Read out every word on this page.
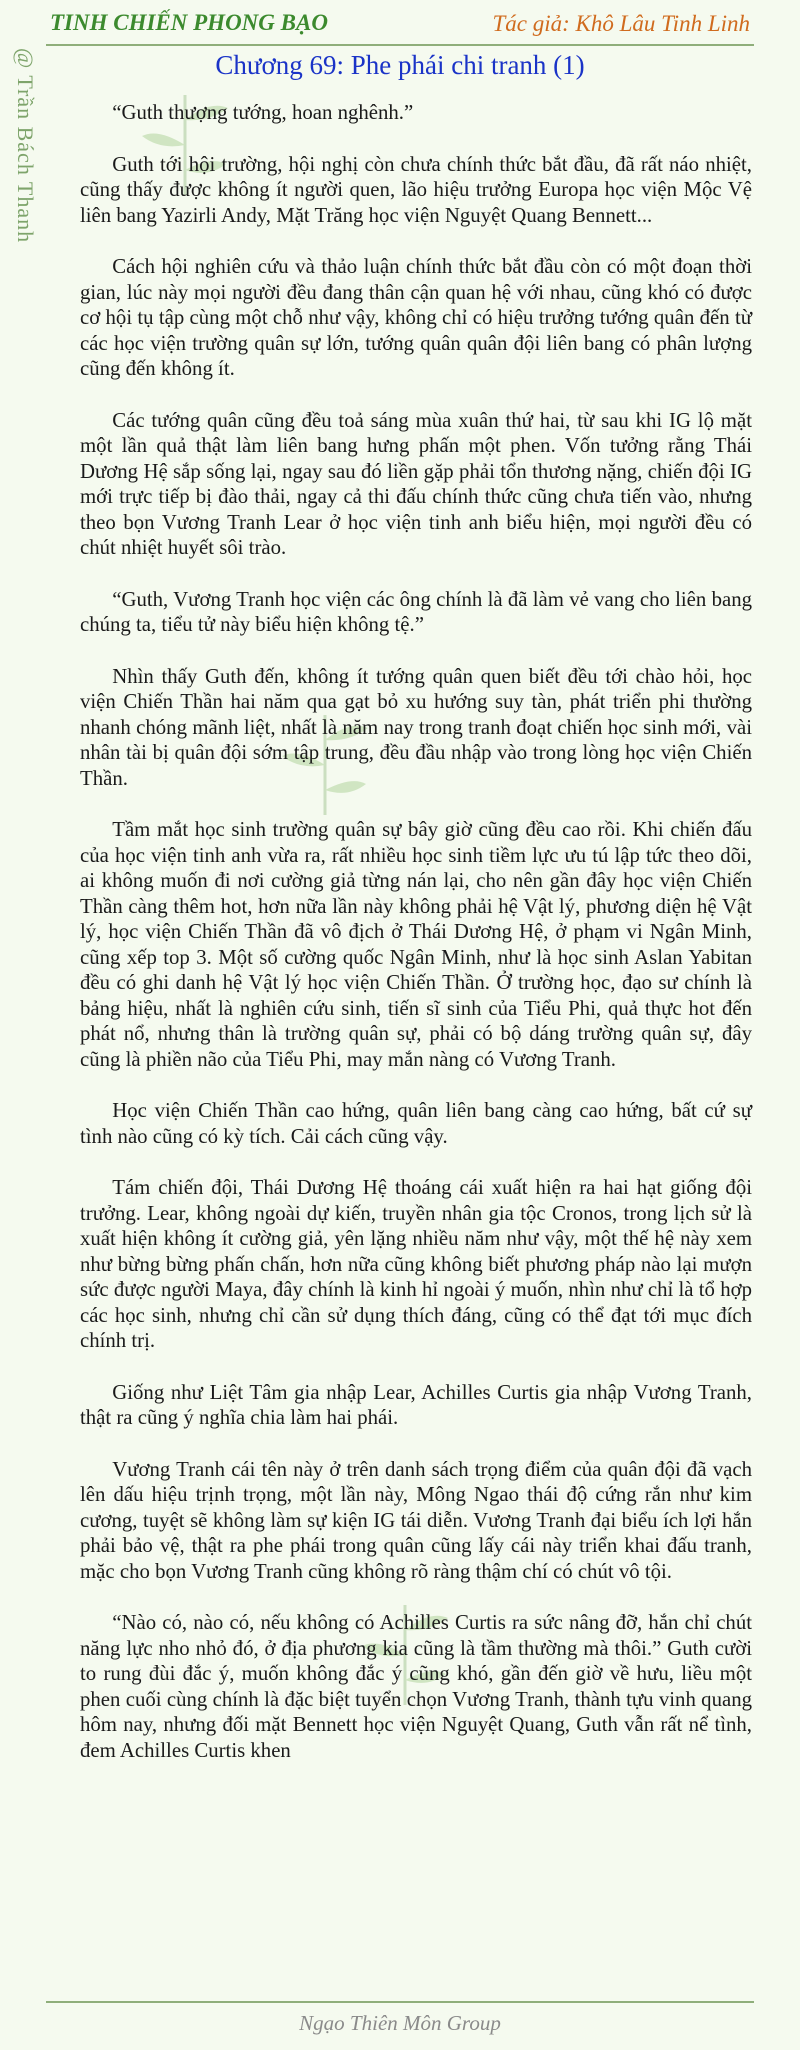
TINH CHIẾN PHONG BẠO	Tác giả: Khô Lâu Tinh Linh
@ Trần Bách Thanh	Chương 69: Phe phái chi tranh (1)

“Guth thượng tướng, hoan nghênh.”

Guth tới hội trường, hội nghị còn chưa chính thức bắt đầu, đã rất náo nhiệt, cũng thấy được không ít người quen, lão hiệu trưởng Europa học viện Mộc Vệ liên bang Yazirli Andy, Mặt Trăng học viện Nguyệt Quang Bennett...

Cách hội nghiên cứu và thảo luận chính thức bắt đầu còn có một đoạn thời gian, lúc này mọi người đều đang thân cận quan hệ với nhau, cũng khó có được cơ hội tụ tập cùng một chỗ như vậy, không chỉ có hiệu trưởng tướng quân đến từ các học viện trường quân sự lớn, tướng quân quân đội liên bang có phân lượng cũng đến không ít.

Các tướng quân cũng đều toả sáng mùa xuân thứ hai, từ sau khi IG lộ mặt một lần quả thật làm liên bang hưng phấn một phen. Vốn tưởng rằng Thái Dương Hệ sắp sống lại, ngay sau đó liền gặp phải tổn thương nặng, chiến đội IG mới trực tiếp bị đào thải, ngay cả thi đấu chính thức cũng chưa tiến vào, nhưng theo bọn Vương Tranh Lear ở học viện tinh anh biểu hiện, mọi người đều có chút nhiệt huyết sôi trào.

“Guth, Vương Tranh học viện các ông chính là đã làm vẻ vang cho liên bang chúng ta, tiểu tử này biểu hiện không tệ.”

Nhìn thấy Guth đến, không ít tướng quân quen biết đều tới chào hỏi, học viện Chiến Thần hai năm qua gạt bỏ xu hướng suy tàn, phát triển phi thường nhanh chóng mãnh liệt, nhất là năm nay trong tranh đoạt chiến học sinh mới, vài nhân tài bị quân đội sớm tập trung, đều đầu nhập vào trong lòng học viện Chiến Thần.

Tầm mắt học sinh trường quân sự bây giờ cũng đều cao rồi. Khi chiến đấu của học viện tinh anh vừa ra, rất nhiều học sinh tiềm lực ưu tú lập tức theo dõi, ai không muốn đi nơi cường giả từng nán lại, cho nên gần đây học viện Chiến Thần càng thêm hot, hơn nữa lần này không phải hệ Vật lý, phương diện hệ Vật lý, học viện Chiến Thần đã vô địch ở Thái Dương Hệ, ở phạm vi Ngân Minh, cũng xếp top 3. Một số cường quốc Ngân Minh, như là học sinh Aslan Yabitan đều có ghi danh hệ Vật lý học viện Chiến Thần. Ở trường học, đạo sư chính là bảng hiệu, nhất là nghiên cứu sinh, tiến sĩ sinh của Tiểu Phi, quả thực hot đến phát nổ, nhưng thân là trường quân sự, phải có bộ dáng trường quân sự, đây cũng là phiền não của Tiểu Phi, may mắn nàng có Vương Tranh.

Học viện Chiến Thần cao hứng, quân liên bang càng cao hứng, bất cứ sự tình nào cũng có kỳ tích. Cải cách cũng vậy.

Tám chiến đội, Thái Dương Hệ thoáng cái xuất hiện ra hai hạt giống đội trưởng. Lear, không ngoài dự kiến, truyền nhân gia tộc Cronos, trong lịch sử là xuất hiện không ít cường giả, yên lặng nhiều năm như vậy, một thế hệ này xem như bừng bừng phấn chấn, hơn nữa cũng không biết phương pháp nào lại mượn sức được người Maya, đây chính là kinh hỉ ngoài ý muốn, nhìn như chỉ là tổ hợp các học sinh, nhưng chỉ cần sử dụng thích đáng, cũng có thể đạt tới mục đích chính trị.

Giống như Liệt Tâm gia nhập Lear, Achilles Curtis gia nhập Vương Tranh, thật ra cũng ý nghĩa chia làm hai phái.

Vương Tranh cái tên này ở trên danh sách trọng điểm của quân đội đã vạch lên dấu hiệu trịnh trọng, một lần này, Mông Ngao thái độ cứng rắn như kim cương, tuyệt sẽ không làm sự kiện IG tái diễn. Vương Tranh đại biểu ích lợi hắn phải bảo vệ, thật ra phe phái trong quân cũng lấy cái này triển khai đấu tranh, mặc cho bọn Vương Tranh cũng không rõ ràng thậm chí có chút vô tội.

“Nào có, nào có, nếu không có Achilles Curtis ra sức nâng đỡ, hắn chỉ chút năng lực nho nhỏ đó, ở địa phương kia cũng là tầm thường mà thôi.” Guth cười to rung đùi đắc ý, muốn không đắc ý cũng khó, gần đến giờ về hưu, liều một phen cuối cùng chính là đặc biệt tuyển chọn Vương Tranh, thành tựu vinh quang hôm nay, nhưng đối mặt Bennett học viện Nguyệt Quang, Guth vẫn rất nể tình, đem Achilles Curtis khen

Ngạo Thiên Môn Group
